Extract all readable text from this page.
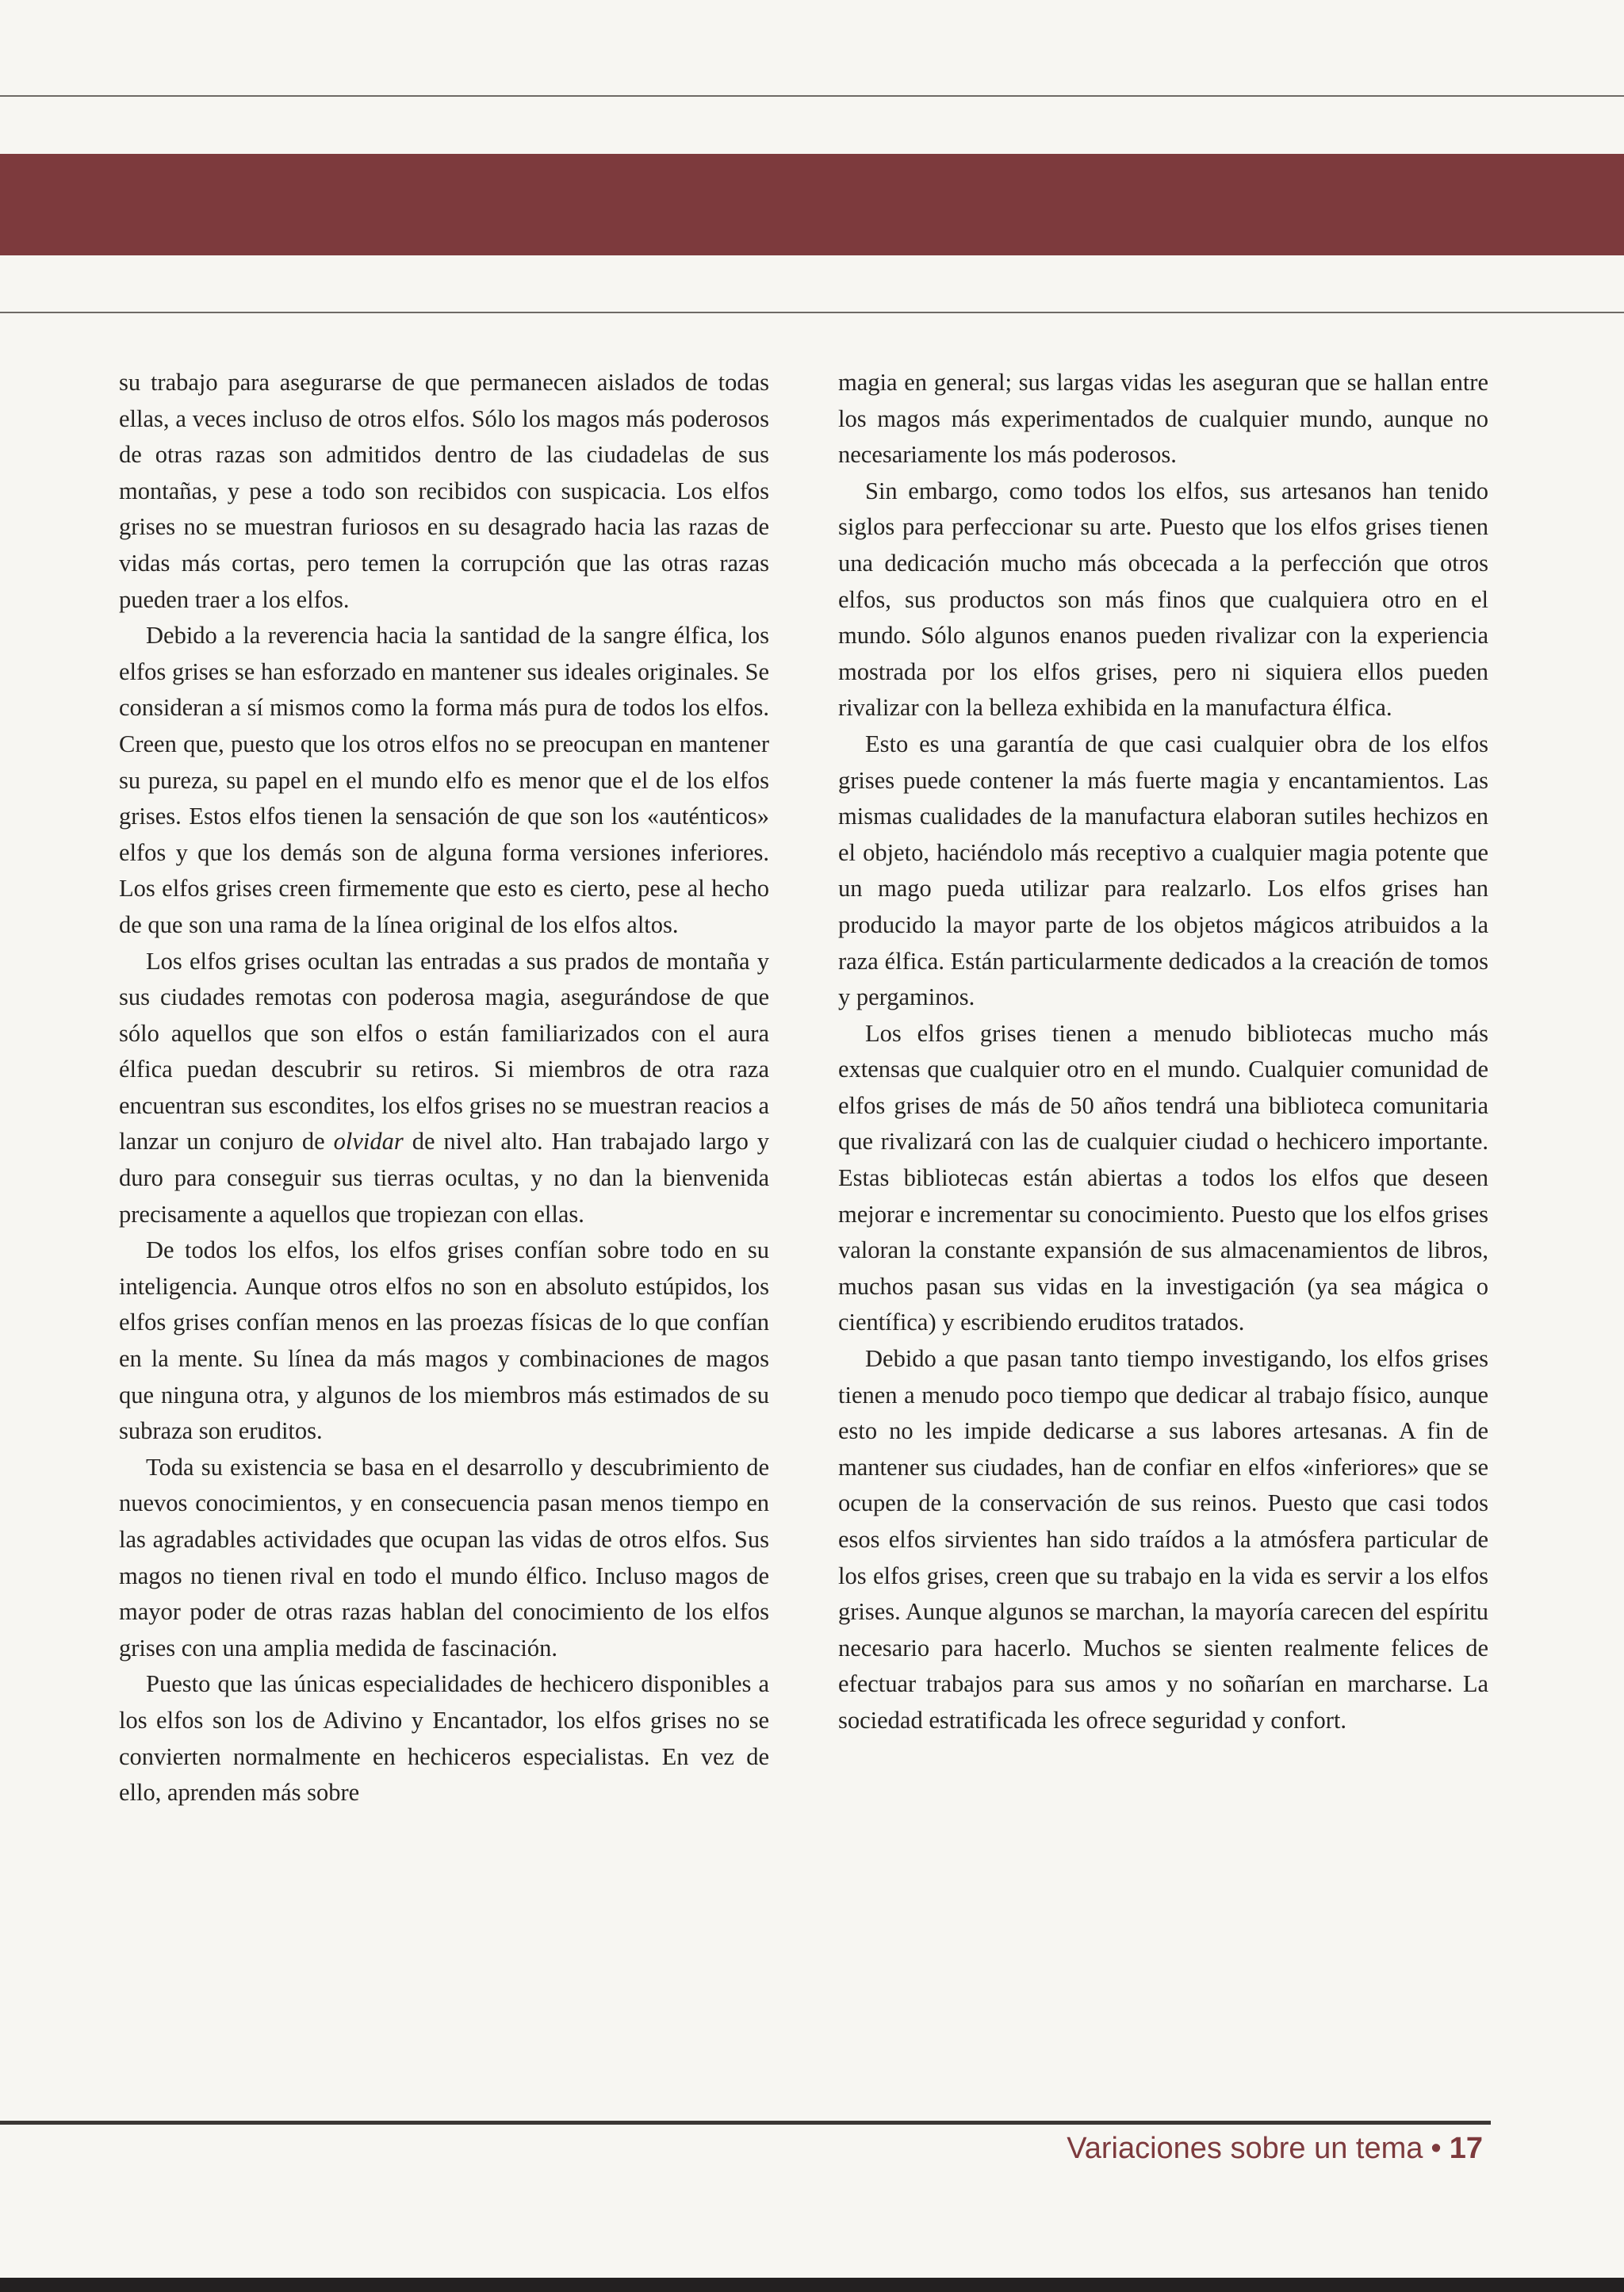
su trabajo para asegurarse de que permanecen aislados de todas ellas, a veces incluso de otros elfos. Sólo los magos más poderosos de otras razas son admitidos dentro de las ciudadelas de sus montañas, y pese a todo son recibidos con suspicacia. Los elfos grises no se muestran furiosos en su desagrado hacia las razas de vidas más cortas, pero temen la corrupción que las otras razas pueden traer a los elfos.

Debido a la reverencia hacia la santidad de la sangre élfica, los elfos grises se han esforzado en mantener sus ideales originales. Se consideran a sí mismos como la forma más pura de todos los elfos. Creen que, puesto que los otros elfos no se preocupan en mantener su pureza, su papel en el mundo elfo es menor que el de los elfos grises. Estos elfos tienen la sensación de que son los «auténticos» elfos y que los demás son de alguna forma versiones inferiores. Los elfos grises creen firmemente que esto es cierto, pese al hecho de que son una rama de la línea original de los elfos altos.

Los elfos grises ocultan las entradas a sus prados de montaña y sus ciudades remotas con poderosa magia, asegurándose de que sólo aquellos que son elfos o están familiarizados con el aura élfica puedan descubrir su retiros. Si miembros de otra raza encuentran sus escondites, los elfos grises no se muestran reacios a lanzar un conjuro de olvidar de nivel alto. Han trabajado largo y duro para conseguir sus tierras ocultas, y no dan la bienvenida precisamente a aquellos que tropiezan con ellas.

De todos los elfos, los elfos grises confían sobre todo en su inteligencia. Aunque otros elfos no son en absoluto estúpidos, los elfos grises confían menos en las proezas físicas de lo que confían en la mente. Su línea da más magos y combinaciones de magos que ninguna otra, y algunos de los miembros más estimados de su subraza son eruditos.

Toda su existencia se basa en el desarrollo y descubrimiento de nuevos conocimientos, y en consecuencia pasan menos tiempo en las agradables actividades que ocupan las vidas de otros elfos. Sus magos no tienen rival en todo el mundo élfico. Incluso magos de mayor poder de otras razas hablan del conocimiento de los elfos grises con una amplia medida de fascinación.

Puesto que las únicas especialidades de hechicero disponibles a los elfos son los de Adivino y Encantador, los elfos grises no se convierten normalmente en hechiceros especialistas. En vez de ello, aprenden más sobre

magia en general; sus largas vidas les aseguran que se hallan entre los magos más experimentados de cualquier mundo, aunque no necesariamente los más poderosos.

Sin embargo, como todos los elfos, sus artesanos han tenido siglos para perfeccionar su arte. Puesto que los elfos grises tienen una dedicación mucho más obcecada a la perfección que otros elfos, sus productos son más finos que cualquiera otro en el mundo. Sólo algunos enanos pueden rivalizar con la experiencia mostrada por los elfos grises, pero ni siquiera ellos pueden rivalizar con la belleza exhibida en la manufactura élfica.

Esto es una garantía de que casi cualquier obra de los elfos grises puede contener la más fuerte magia y encantamientos. Las mismas cualidades de la manufactura elaboran sutiles hechizos en el objeto, haciéndolo más receptivo a cualquier magia potente que un mago pueda utilizar para realzarlo. Los elfos grises han producido la mayor parte de los objetos mágicos atribuidos a la raza élfica. Están particularmente dedicados a la creación de tomos y pergaminos.

Los elfos grises tienen a menudo bibliotecas mucho más extensas que cualquier otro en el mundo. Cualquier comunidad de elfos grises de más de 50 años tendrá una biblioteca comunitaria que rivalizará con las de cualquier ciudad o hechicero importante. Estas bibliotecas están abiertas a todos los elfos que deseen mejorar e incrementar su conocimiento. Puesto que los elfos grises valoran la constante expansión de sus almacenamientos de libros, muchos pasan sus vidas en la investigación (ya sea mágica o científica) y escribiendo eruditos tratados.

Debido a que pasan tanto tiempo investigando, los elfos grises tienen a menudo poco tiempo que dedicar al trabajo físico, aunque esto no les impide dedicarse a sus labores artesanas. A fin de mantener sus ciudades, han de confiar en elfos «inferiores» que se ocupen de la conservación de sus reinos. Puesto que casi todos esos elfos sirvientes han sido traídos a la atmósfera particular de los elfos grises, creen que su trabajo en la vida es servir a los elfos grises. Aunque algunos se marchan, la mayoría carecen del espíritu necesario para hacerlo. Muchos se sienten realmente felices de efectuar trabajos para sus amos y no soñarían en marcharse. La sociedad estratificada les ofrece seguridad y confort.

Variaciones sobre un tema • 17
